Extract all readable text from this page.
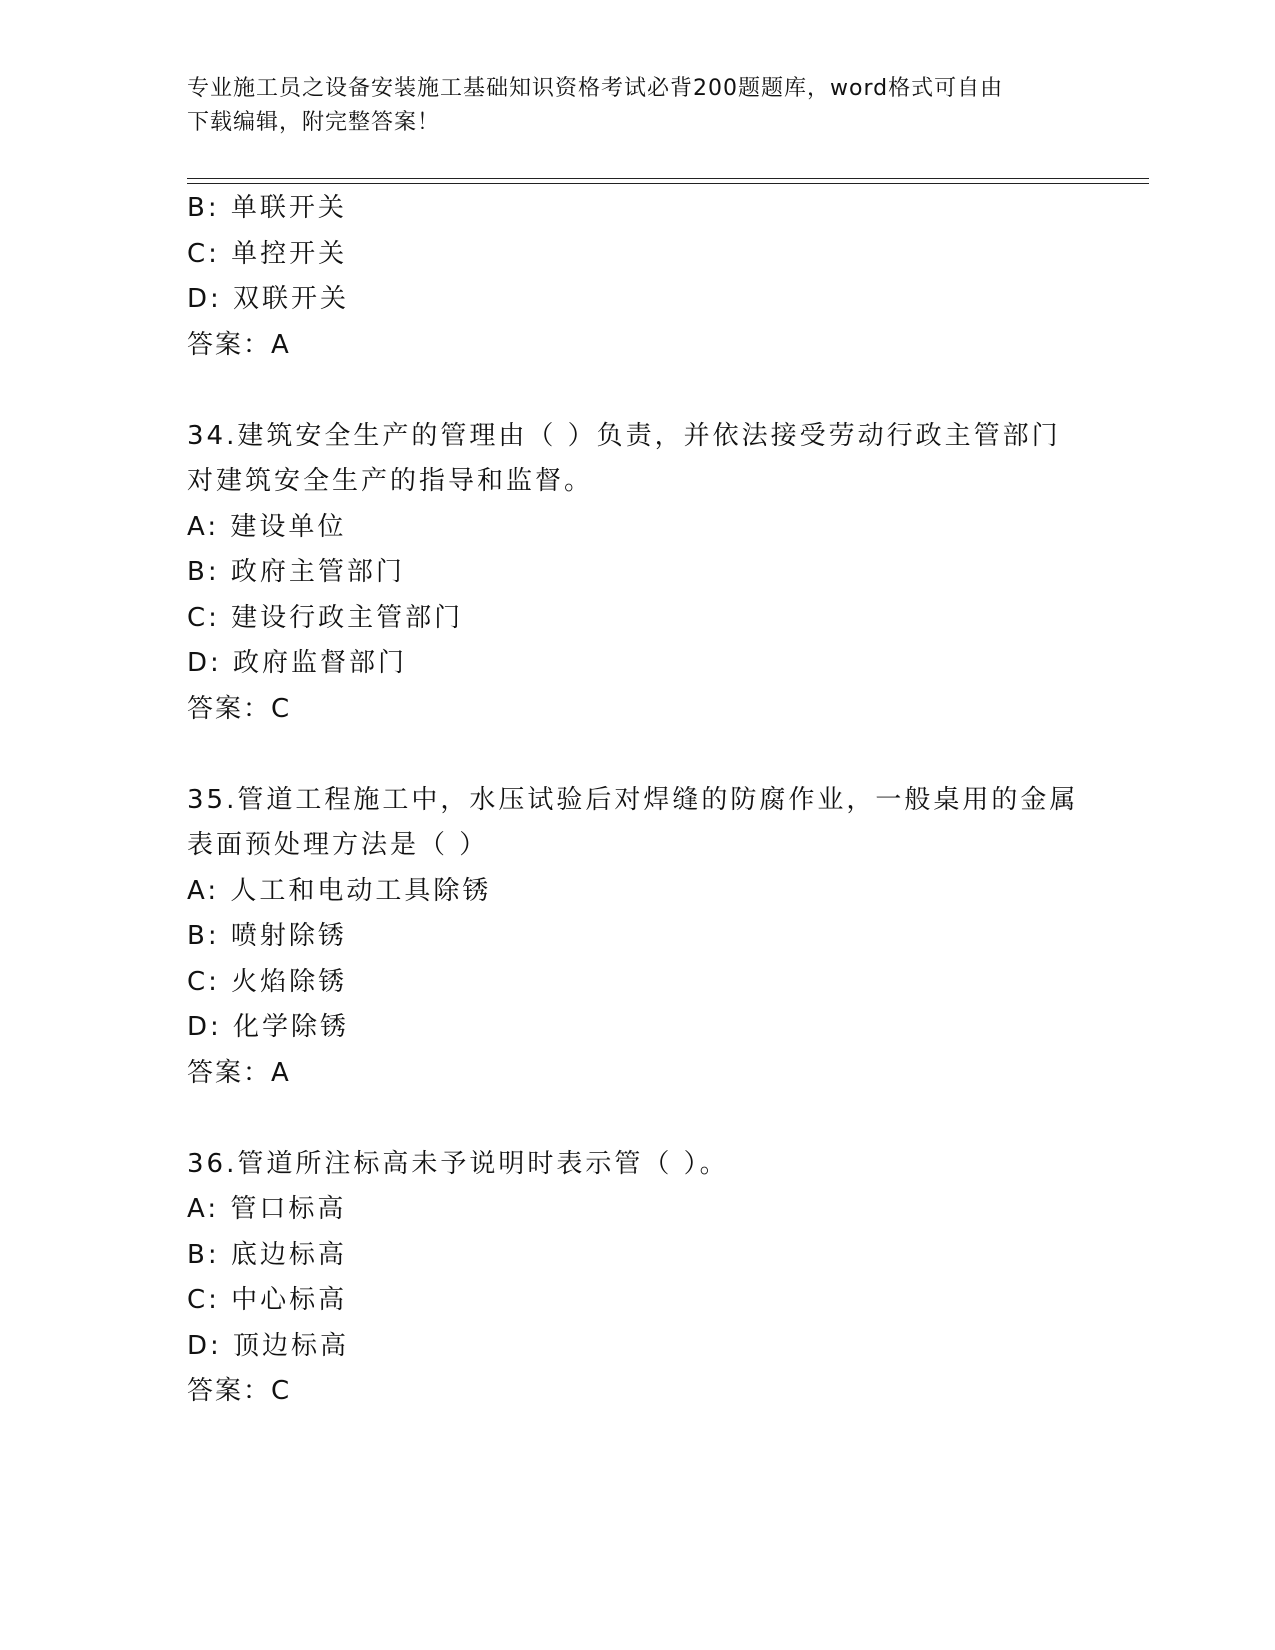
专业施工员之设备安装施工基础知识资格考试必背200题题库，word格式可自由
下载编辑，附完整答案！
B: 单联开关
C: 单控开关
D: 双联开关
答案：A
34.建筑安全生产的管理由（ ）负责，并依法接受劳动行政主管部门
对建筑安全生产的指导和监督。
A: 建设单位
B: 政府主管部门
C: 建设行政主管部门
D: 政府监督部门
答案：C
35.管道工程施工中，水压试验后对焊缝的防腐作业，一般桌用的金属
表面预处理方法是（ ）
A: 人工和电动工具除锈
B: 喷射除锈
C: 火焰除锈
D: 化学除锈
答案：A
36.管道所注标高未予说明时表示管（ ）。
A: 管口标高
B: 底边标高
C: 中心标高
D: 顶边标高
答案：C
